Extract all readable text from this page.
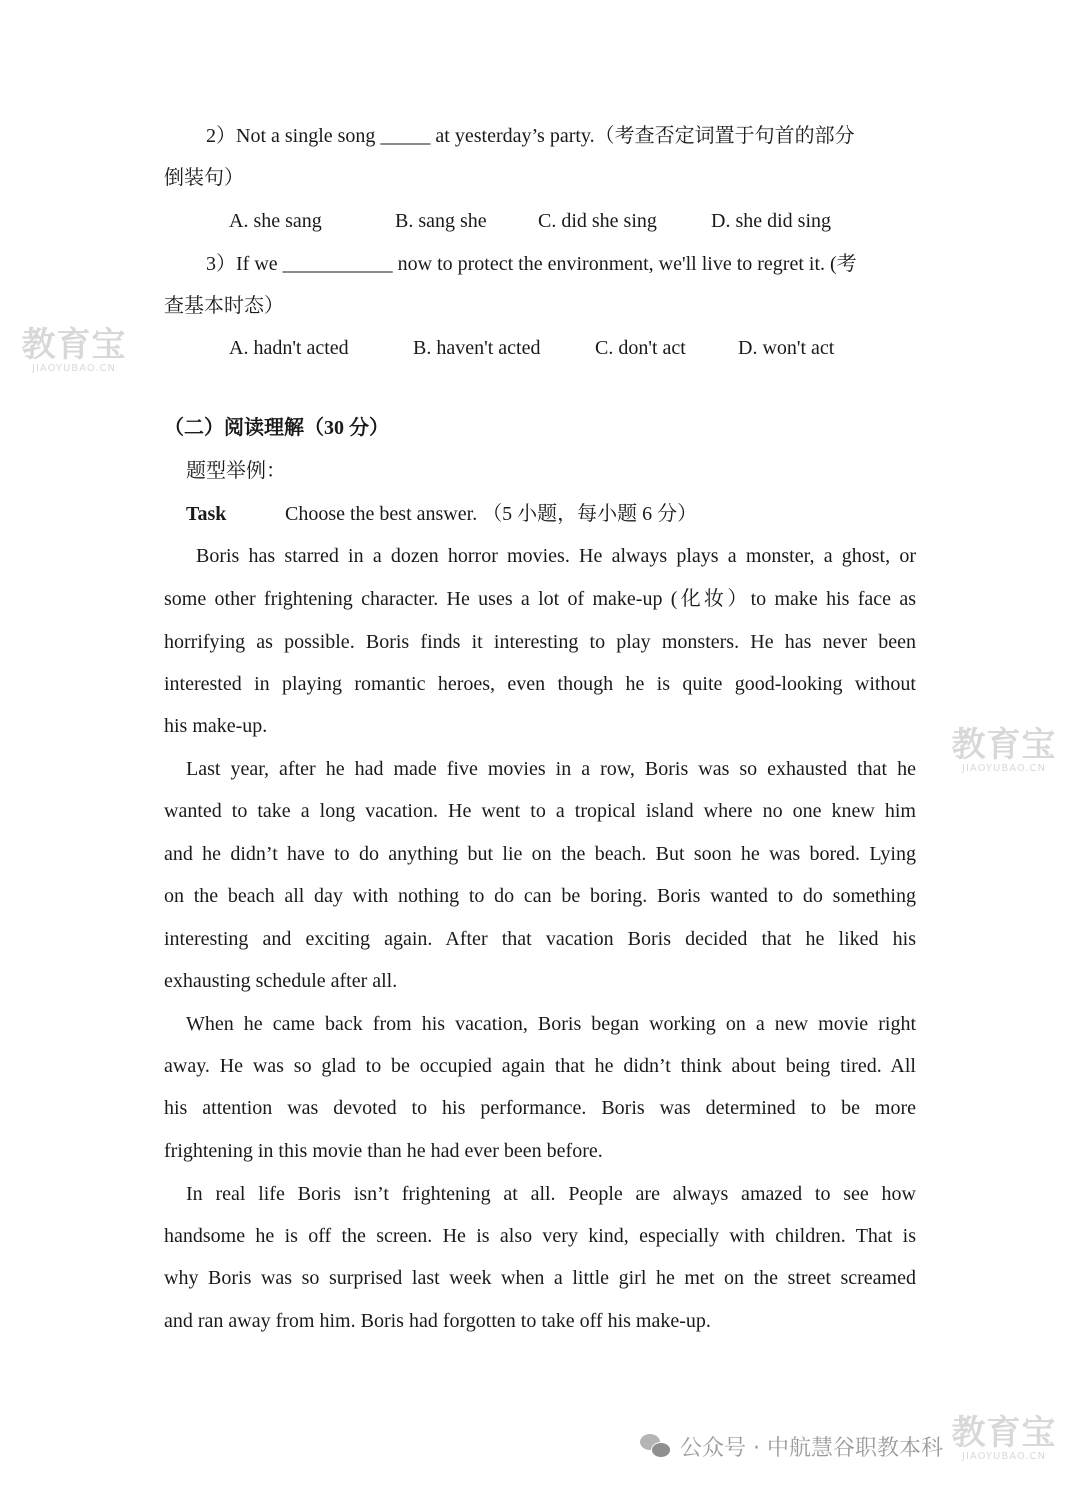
2）Not a single song _____ at yesterday’s party.（考查否定词置于句首的部分
倒装句）
A. she sang	B. sang she	C. did she sing	D. she did sing
3）If we ___________ now to protect the environment, we'll live to regret it. (考
查基本时态）
A. hadn't acted	B. haven't acted	C. don't act	D. won't act
（二）阅读理解（30 分）
题型举例：
Task	Choose the best answer. （5 小题，每小题 6 分）
Boris has starred in a dozen horror movies. He always plays a monster, a ghost, or
some other frightening character. He uses a lot of make-up (化妆）to make his face as
horrifying as possible. Boris finds it interesting to play monsters. He has never been
interested in playing romantic heroes, even though he is quite good-looking without
his make-up.
Last year, after he had made five movies in a row, Boris was so exhausted that he
wanted to take a long vacation. He went to a tropical island where no one knew him
and he didn’t have to do anything but lie on the beach. But soon he was bored. Lying
on the beach all day with nothing to do can be boring. Boris wanted to do something
interesting and exciting again. After that vacation Boris decided that he liked his
exhausting schedule after all.
When he came back from his vacation, Boris began working on a new movie right
away. He was so glad to be occupied again that he didn’t think about being tired. All
his attention was devoted to his performance. Boris was determined to be more
frightening in this movie than he had ever been before.
In real life Boris isn’t frightening at all. People are always amazed to see how
handsome he is off the screen. He is also very kind, especially with children. That is
why Boris was so surprised last week when a little girl he met on the street screamed
and ran away from him. Boris had forgotten to take off his make-up.
教育宝
JIAOYUBAO.CN
教育宝
JIAOYUBAO.CN
教育宝
JIAOYUBAO.CN
公众号 · 中航慧谷职教本科
